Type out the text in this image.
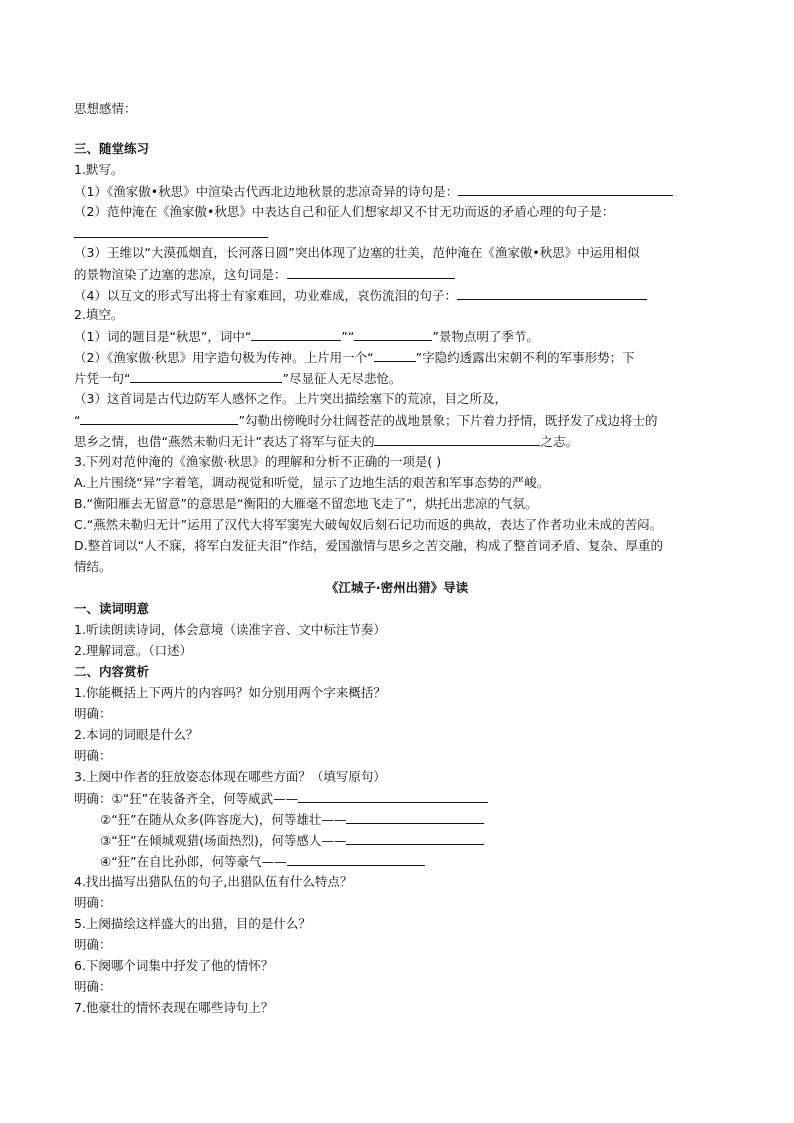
思想感情：
三、随堂练习
1.默写。
（1）《渔家傲•秋思》中渲染古代西北边地秋景的悲凉奇异的诗句是：
（2）范仲淹在《渔家傲•秋思》中表达自己和征人们想家却又不甘无功而返的矛盾心理的句子是：
（3）王维以“大漠孤烟直，长河落日圆”突出体现了边塞的壮美，范仲淹在《渔家傲•秋思》中运用相似
的景物渲染了边塞的悲凉，这句词是：
（4）以互文的形式写出将士有家难回，功业难成，哀伤流泪的句子：
2.填空。
（1）词的题目是“秋思”，词中“	”“	”景物点明了季节。
（2）《渔家傲·秋思》用字造句极为传神。上片用一个“	”字隐约透露出宋朝不利的军事形势；下
片凭一句“	”尽显征人无尽悲怆。
（3）这首词是古代边防军人感怀之作。上片突出描绘塞下的荒凉，目之所及，
“	”勾勒出傍晚时分壮阔苍茫的战地景象；下片着力抒情，既抒发了戍边将士的
思乡之情，也借“燕然未勒归无计”表达了将军与征夫的	之志。
3.下列对范仲淹的《渔家傲·秋思》的理解和分析不正确的一项是( )
A.上片围绕“异”字着笔，调动视觉和听觉，显示了边地生活的艰苦和军事态势的严峻。
B.“衡阳雁去无留意”的意思是“衡阳的大雁毫不留恋地飞走了”，烘托出悲凉的气氛。
C.“燕然未勒归无计”运用了汉代大将军窦宪大破匈奴后刻石记功而返的典故，表达了作者功业未成的苦闷。
D.整首词以“人不寐，将军白发征夫泪”作结，爱国激情与思乡之苦交融，构成了整首词矛盾、复杂、厚重的
情结。
《江城子·密州出猎》导读
一、读词明意
1.听读朗读诗词，体会意境（读准字音、文中标注节奏）
2.理解词意。（口述）
二、内容赏析
1.你能概括上下两片的内容吗？如分别用两个字来概括？
明确：
2.本词的词眼是什么？
明确：
3.上阕中作者的狂放姿态体现在哪些方面？（填写原句）
明确：①“狂”在装备齐全，何等威武——
②“狂”在随从众多(阵容庞大)，何等雄壮——
③“狂”在倾城观猎(场面热烈)，何等感人——
④“狂”在自比孙郎，何等豪气——
4.找出描写出猎队伍的句子,出猎队伍有什么特点？
明确：
5.上阕描绘这样盛大的出猎，目的是什么？
明确：
6.下阕哪个词集中抒发了他的情怀？
明确：
7.他豪壮的情怀表现在哪些诗句上？
